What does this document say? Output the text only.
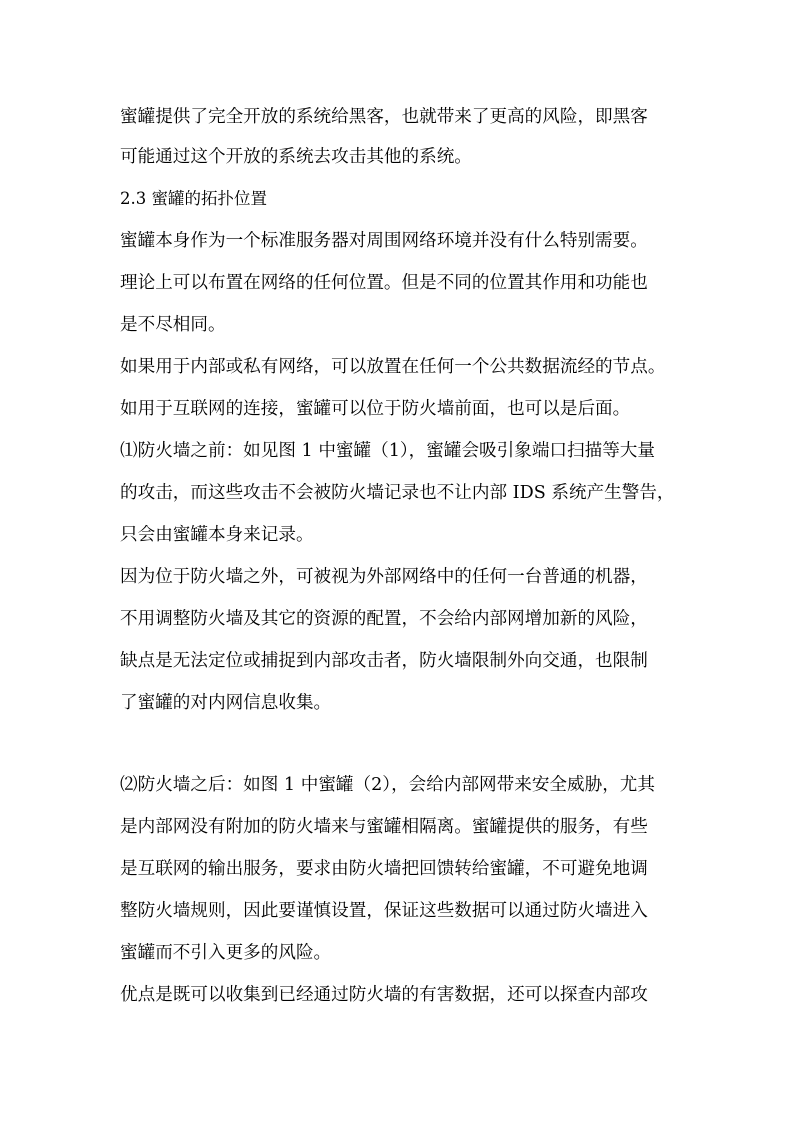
蜜罐提供了完全开放的系统给黑客，也就带来了更高的风险，即黑客
可能通过这个开放的系统去攻击其他的系统。
2.3 蜜罐的拓扑位置
蜜罐本身作为一个标准服务器对周围网络环境并没有什么特别需要。
理论上可以布置在网络的任何位置。但是不同的位置其作用和功能也
是不尽相同。
如果用于内部或私有网络，可以放置在任何一个公共数据流经的节点。
如用于互联网的连接，蜜罐可以位于防火墙前面，也可以是后面。
⑴防火墙之前：如见图 1 中蜜罐（1），蜜罐会吸引象端口扫描等大量
的攻击，而这些攻击不会被防火墙记录也不让内部 IDS 系统产生警告，
只会由蜜罐本身来记录。
因为位于防火墙之外，可被视为外部网络中的任何一台普通的机器，
不用调整防火墙及其它的资源的配置，不会给内部网增加新的风险，
缺点是无法定位或捕捉到内部攻击者，防火墙限制外向交通，也限制
了蜜罐的对内网信息收集。
⑵防火墙之后：如图 1 中蜜罐（2），会给内部网带来安全威胁，尤其
是内部网没有附加的防火墙来与蜜罐相隔离。蜜罐提供的服务，有些
是互联网的输出服务，要求由防火墙把回馈转给蜜罐，不可避免地调
整防火墙规则，因此要谨慎设置，保证这些数据可以通过防火墙进入
蜜罐而不引入更多的风险。
优点是既可以收集到已经通过防火墙的有害数据，还可以探查内部攻
